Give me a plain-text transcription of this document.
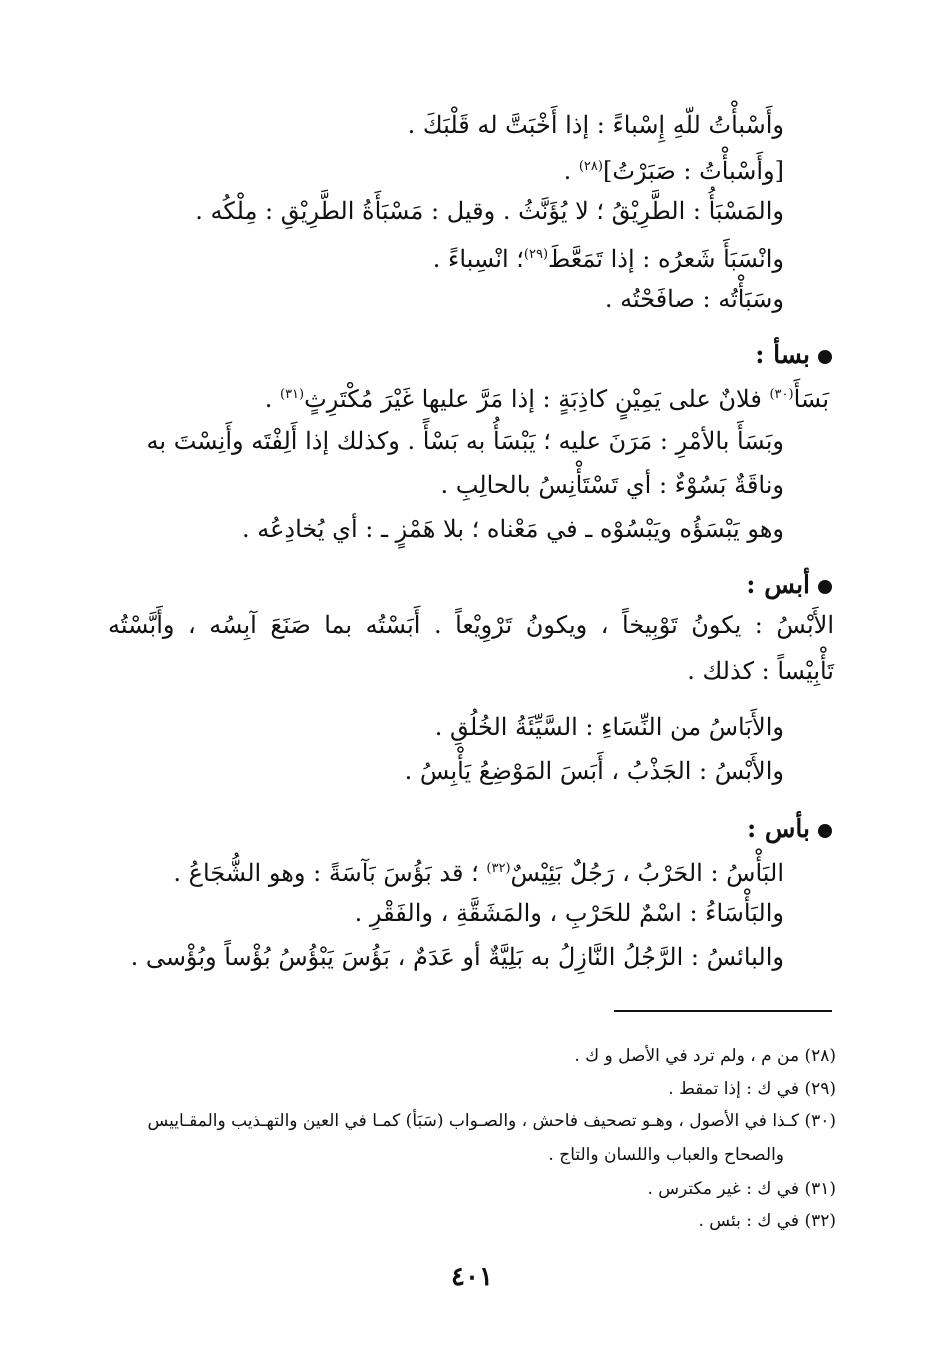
وأَسْبأْتُ للّهِ إِسْباءً : إذا أَخْبَتَّ له قَلْبَكَ .
[وأَسْبأْتُ : صَبَرْتُ]$^{(٢٨)}$ .
والمَسْبَأُ : الطَّرِيْقُ ؛ لا يُؤَنَّثُ . وقيل : مَسْبَأَةُ الطَّرِيْقِ : مِلْكُه .
وانْسَبَأَ شَعرُه : إذا تَمَعَّطَ$^{(٢٩)}$؛ انْسِباءً .
وسَبَأْتُه : صافَحْتُه .
بسأ :
بَسَأَ$^{(٣٠)}$ فلانٌ على يَمِيْنٍ كاذِبَةٍ : إذا مَرَّ عليها غَيْرَ مُكْتَرِثٍ$^{(٣١)}$ .
وبَسَأَ بالأمْرِ : مَرَنَ عليه ؛ يَبْسَأُ به بَسْأً . وكذلك إذا أَلِفْتَه وأَنِسْتَ به
وناقَةٌ بَسُوْءٌ : أي تَسْتَأْنِسُ بالحالِبِ .
وهو يَبْسَؤُه ويَبْسُوْه ـ في مَعْناه ؛ بلا هَمْزٍ ـ : أي يُخادِعُه .
أبس :
الأَبْسُ : يكونُ تَوْبِيخاً ، ويكونُ تَرْوِيْعاً . أَبَسْتُه بما صَنَعَ آبِسُه ، وأَبَّسْتُه
تَأْبِيْساً : كذلك .
والأَبَاسُ من النِّسَاءِ : السَّيِّئَةُ الخُلُقِ .
والأَبْسُ : الجَذْبُ ، أَبَسَ المَوْضِعُ يَأْبِسُ .
بأس :
البَأْسُ : الحَرْبُ ، رَجُلٌ بَئِيْسٌ$^{(٣٢)}$ ؛ قد بَؤُسَ بَآسَةً : وهو الشُّجَاعُ .
والبَأْسَاءُ : اسْمٌ للحَرْبِ ، والمَشَقَّةِ ، والفَقْرِ .
والبائسُ : الرَّجُلُ النَّازِلُ به بَلِيَّةٌ أو عَدَمٌ ، بَؤُسَ يَبْؤُسُ بُؤْساً وبُؤْسى .
(٢٨) من م ، ولم ترد في الأصل و ك .
(٢٩) في ك : إذا تمقط .
(٣٠) كـذا في الأصول ، وهـو تصحيف فاحش ، والصـواب (سَبَأ) كمـا في العين والتهـذيب والمقـاييس
والصحاح والعباب واللسان والتاج .
(٣١) في ك : غير مكترس .
(٣٢) في ك : بئس .
٤٠١
